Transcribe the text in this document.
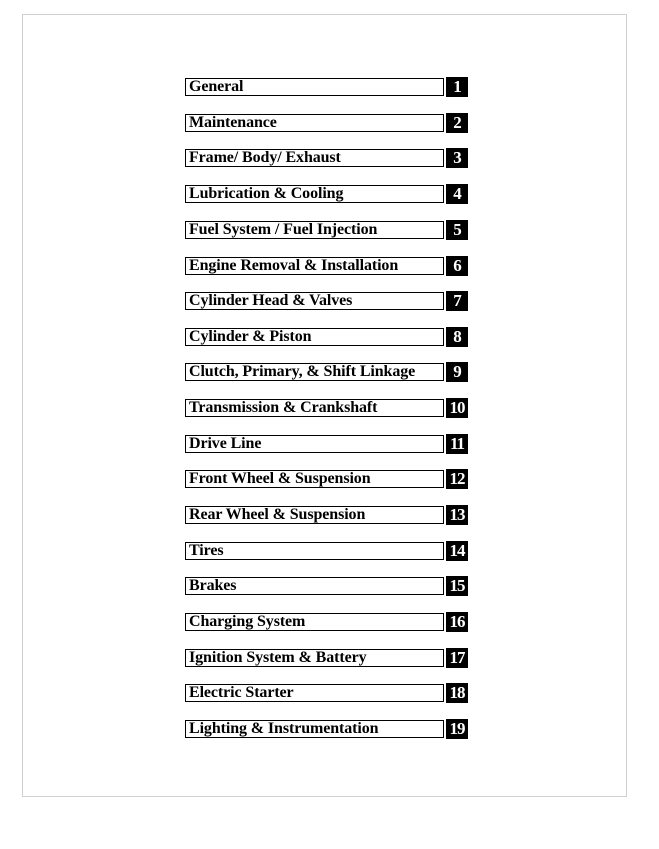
General	1
Maintenance	2
Frame/ Body/ Exhaust	3
Lubrication & Cooling	4
Fuel System / Fuel Injection	5
Engine Removal & Installation	6
Cylinder Head & Valves	7
Cylinder & Piston	8
Clutch, Primary, & Shift Linkage	9
Transmission & Crankshaft	10
Drive Line	11
Front Wheel & Suspension	12
Rear Wheel & Suspension	13
Tires	14
Brakes	15
Charging System	16
Ignition System & Battery	17
Electric Starter	18
Lighting & Instrumentation	19
